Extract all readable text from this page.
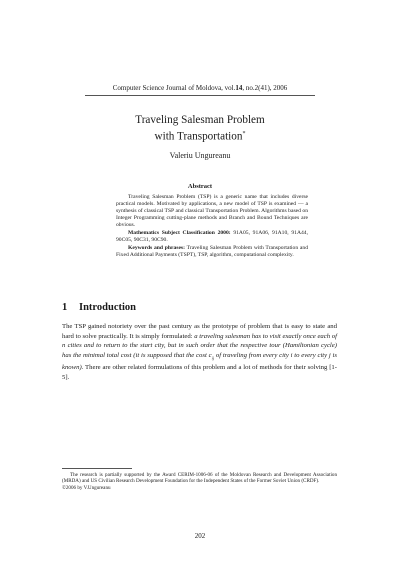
Computer Science Journal of Moldova, vol.14, no.2(41), 2006
Traveling Salesman Problem
with Transportation*
Valeriu Ungureanu
Abstract

Traveling Salesman Problem (TSP) is a generic name that includes diverse practical models. Motivated by applications, a new model of TSP is examined — a synthesis of classical TSP and classical Transportation Problem. Algorithms based on Integer Programming cutting-plane methods and Branch and Bound Techniques are obvious.

Mathematics Subject Classification 2000: 91A05, 91A06, 91A10, 91A44, 90C05, 90C31, 90C90.

Keywords and phrases: Traveling Salesman Problem with Transportation and Fixed Additional Payments (TSPT), TSP, algorithm, computational complexity.

1 Introduction

The TSP gained notoriety over the past century as the prototype of problem that is easy to state and hard to solve practically. It is simply formulated: a traveling salesman has to visit exactly once each of n cities and to return to the start city, but in such order that the respective tour (Hamiltonian cycle) has the minimal total cost (it is supposed that the cost $c_{ij}$ of traveling from every city i to every city j is known). There are other related formulations of this problem and a lot of methods for their solving [1-5].

The research is partially supported by the Award CERIM-1006-06 of the Moldovan Research and Development Association (MRDA) and US Civilian Research Development Foundation for the Independent States of the Former Soviet Union (CRDF).

©2006 by V.Ungureanu

202
